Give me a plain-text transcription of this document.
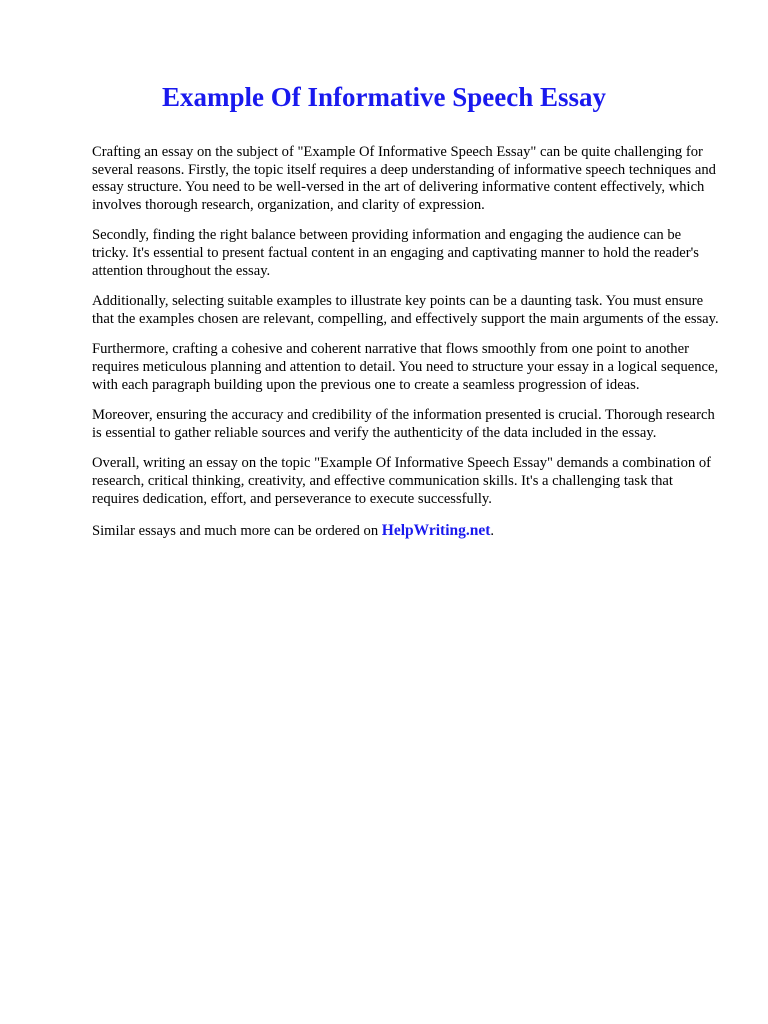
Example Of Informative Speech Essay

Crafting an essay on the subject of "Example Of Informative Speech Essay" can be quite challenging for several reasons. Firstly, the topic itself requires a deep understanding of informative speech techniques and essay structure. You need to be well-versed in the art of delivering informative content effectively, which involves thorough research, organization, and clarity of expression.

Secondly, finding the right balance between providing information and engaging the audience can be tricky. It's essential to present factual content in an engaging and captivating manner to hold the reader's attention throughout the essay.

Additionally, selecting suitable examples to illustrate key points can be a daunting task. You must ensure that the examples chosen are relevant, compelling, and effectively support the main arguments of the essay.

Furthermore, crafting a cohesive and coherent narrative that flows smoothly from one point to another requires meticulous planning and attention to detail. You need to structure your essay in a logical sequence, with each paragraph building upon the previous one to create a seamless progression of ideas.

Moreover, ensuring the accuracy and credibility of the information presented is crucial. Thorough research is essential to gather reliable sources and verify the authenticity of the data included in the essay.

Overall, writing an essay on the topic "Example Of Informative Speech Essay" demands a combination of research, critical thinking, creativity, and effective communication skills. It's a challenging task that requires dedication, effort, and perseverance to execute successfully.

Similar essays and much more can be ordered on HelpWriting.net.
